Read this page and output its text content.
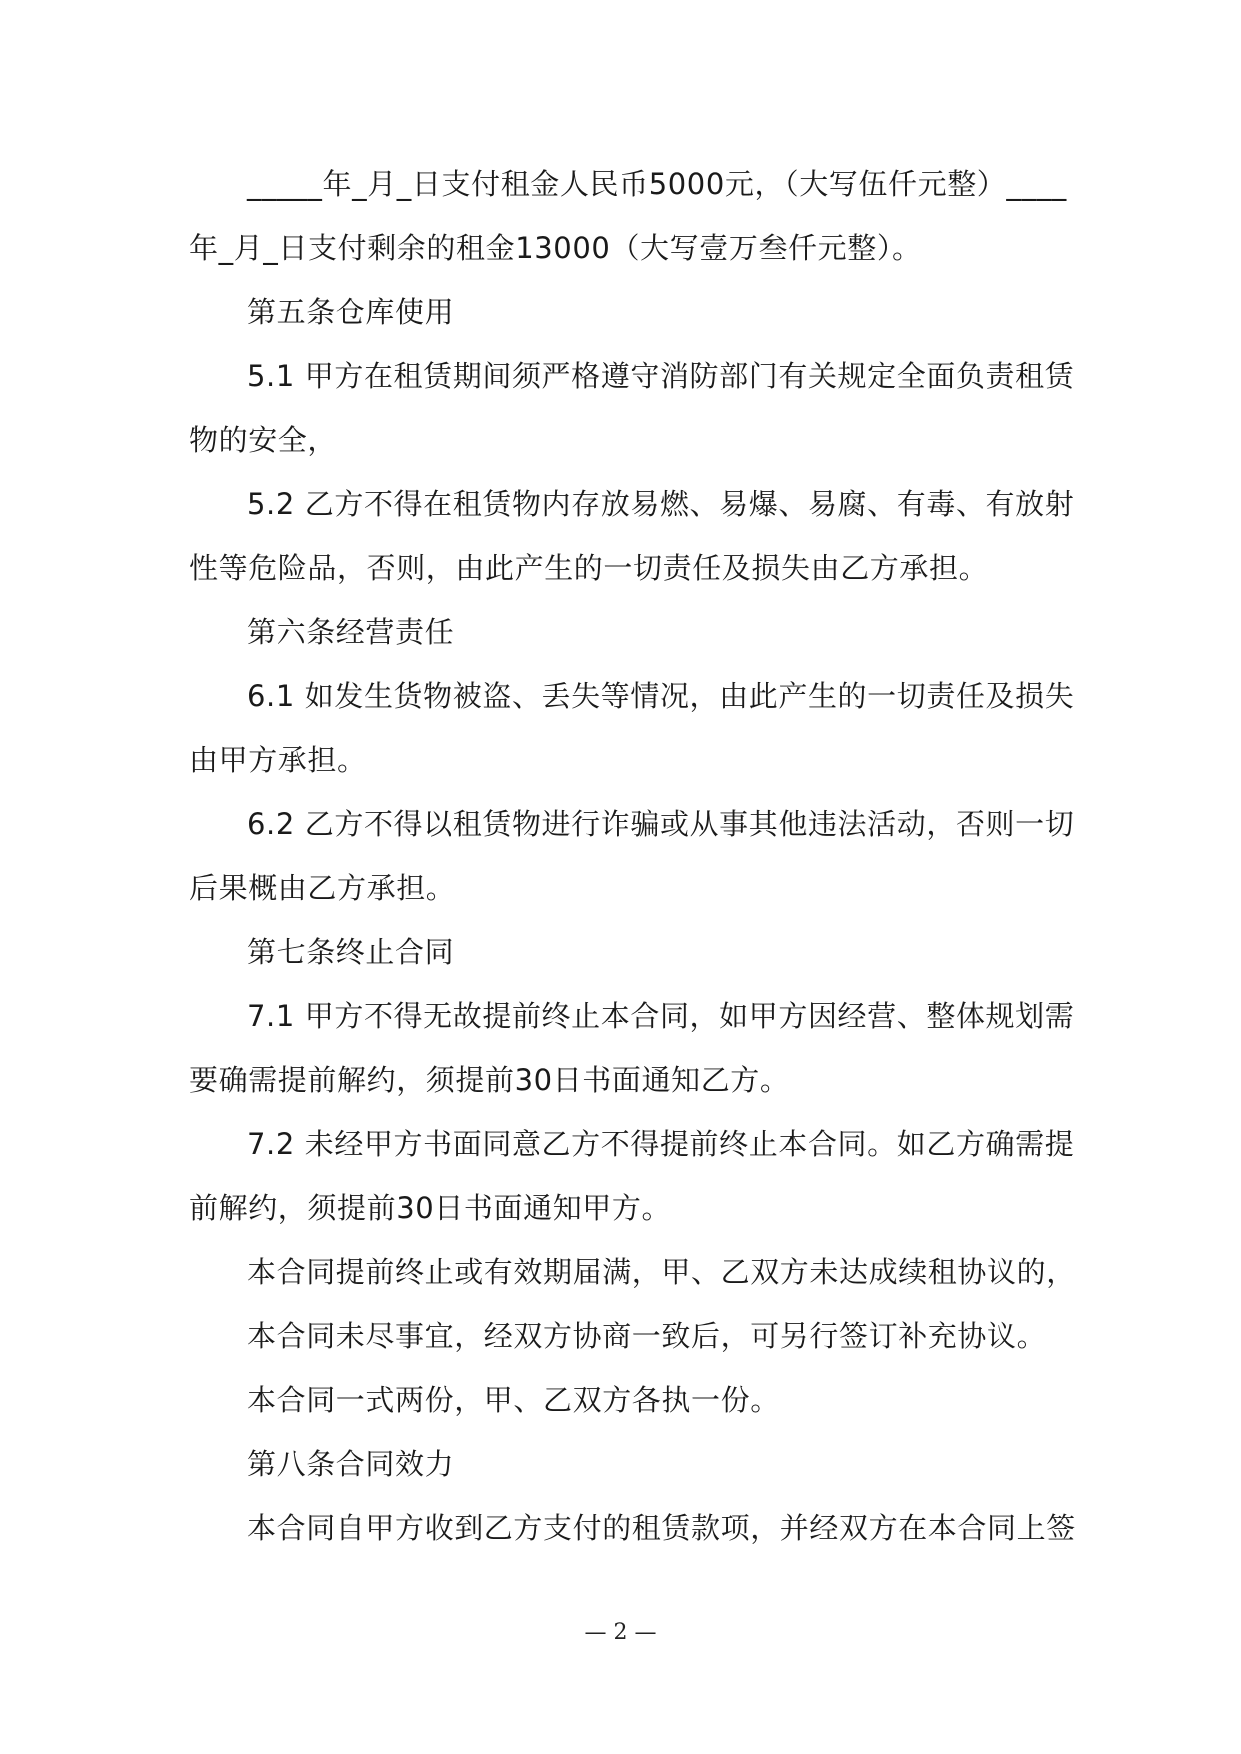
_____年_月_日支付租金人民币5000元，（大写伍仟元整）____
年_月_日支付剩余的租金13000（大写壹万叁仟元整）。
第五条仓库使用
5.1 甲方在租赁期间须严格遵守消防部门有关规定全面负责租赁
物的安全，
5.2 乙方不得在租赁物内存放易燃、易爆、易腐、有毒、有放射
性等危险品，否则，由此产生的一切责任及损失由乙方承担。
第六条经营责任
6.1 如发生货物被盗、丢失等情况，由此产生的一切责任及损失
由甲方承担。
6.2 乙方不得以租赁物进行诈骗或从事其他违法活动，否则一切
后果概由乙方承担。
第七条终止合同
7.1 甲方不得无故提前终止本合同，如甲方因经营、整体规划需
要确需提前解约，须提前30日书面通知乙方。
7.2 未经甲方书面同意乙方不得提前终止本合同。如乙方确需提
前解约，须提前30日书面通知甲方。
本合同提前终止或有效期届满，甲、乙双方未达成续租协议的，
本合同未尽事宜，经双方协商一致后，可另行签订补充协议。
本合同一式两份，甲、乙双方各执一份。
第八条合同效力
本合同自甲方收到乙方支付的租赁款项，并经双方在本合同上签
— 2 —
